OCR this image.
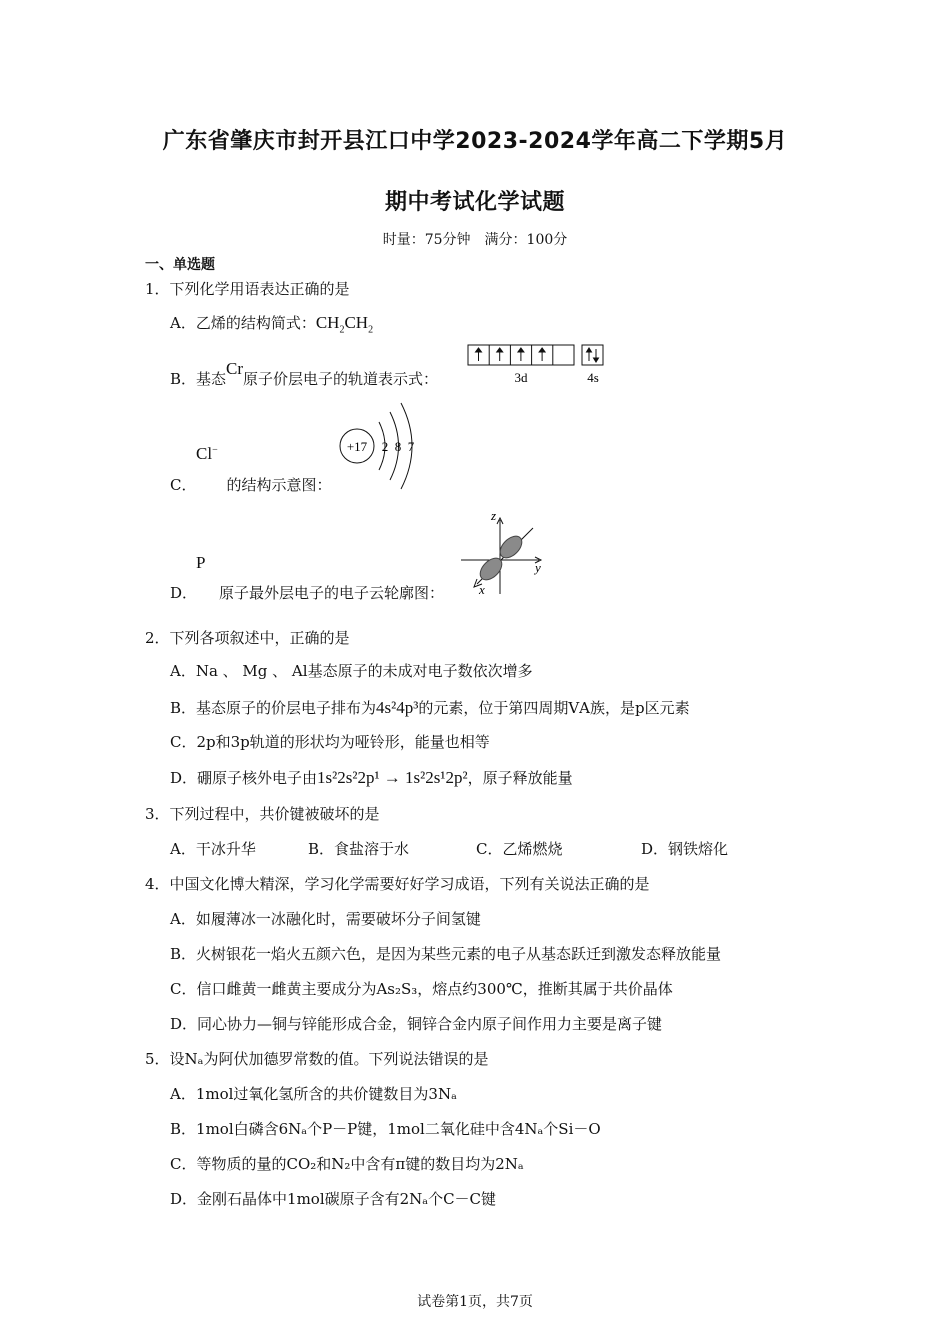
广东省肇庆市封开县江口中学2023-2024学年高二下学期5月
期中考试化学试题
时量：75分钟　满分：100分
一、单选题
1．下列化学用语表达正确的是
A．乙烯的结构简式：$CH_2CH_2$
B．基态Cr原子价层电子的轨道表示式：	3d	4s
Cl−
C． 的结构示意图：
+17 2 8 7
P
D． 原子最外层电子的电子云轮廓图：
z
y
x
2．下列各项叙述中，正确的是
A．Na 、 Mg 、 Al基态原子的未成对电子数依次增多
B．基态原子的价层电子排布为4s²4p³的元素，位于第四周期ⅤA族，是p区元素
C．2p和3p轨道的形状均为哑铃形，能量也相等
D．硼原子核外电子由1s²2s²2p¹ → 1s²2s¹2p²，原子释放能量
3．下列过程中，共价键被破坏的是
A．干冰升华	B．食盐溶于水	C．乙烯燃烧	D．钢铁熔化
4．中国文化博大精深，学习化学需要好好学习成语，下列有关说法正确的是
A．如履薄冰一冰融化时，需要破坏分子间氢键
B．火树银花一焰火五颜六色，是因为某些元素的电子从基态跃迁到激发态释放能量
C．信口雌黄一雌黄主要成分为As₂S₃，熔点约300℃，推断其属于共价晶体
D．同心协力—铜与锌能形成合金，铜锌合金内原子间作用力主要是离子键
5．设Nₐ为阿伏加德罗常数的值。下列说法错误的是
A．1mol过氧化氢所含的共价键数目为3Nₐ
B．1mol白磷含6Nₐ个P－P键，1mol二氧化硅中含4Nₐ个Si－O
C．等物质的量的CO₂和N₂中含有π键的数目均为2Nₐ
D．金刚石晶体中1mol碳原子含有2Nₐ个C－C键
试卷第1页，共7页
